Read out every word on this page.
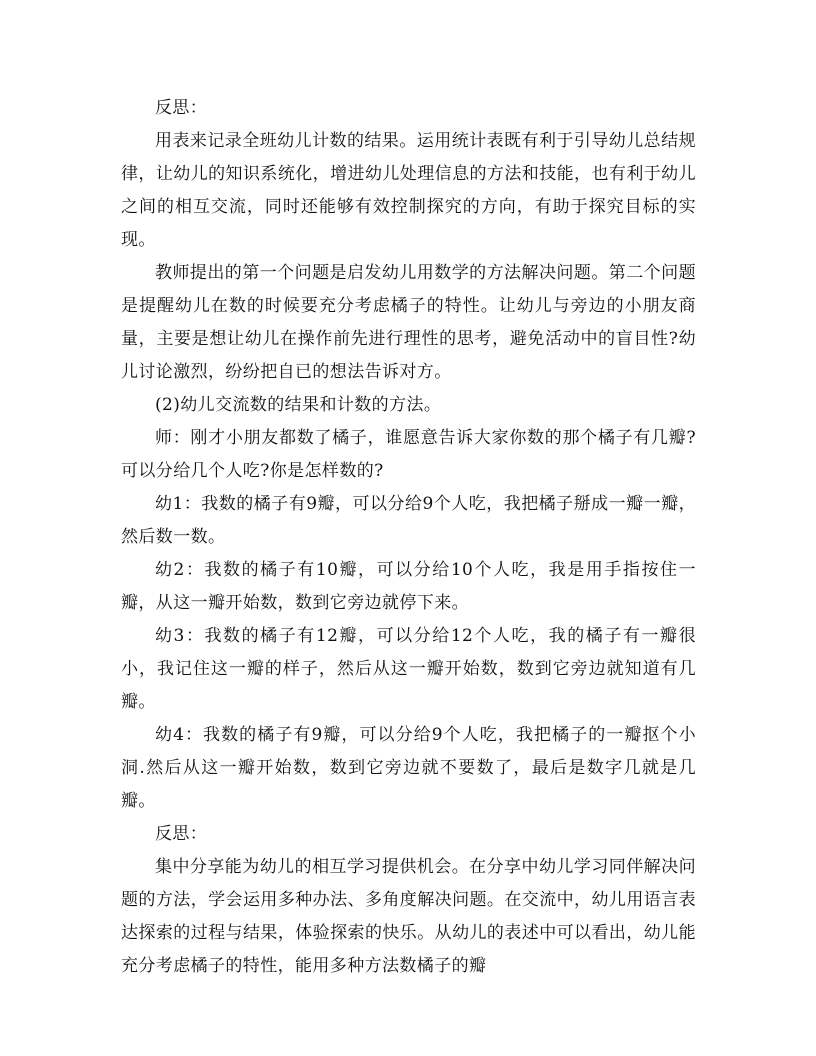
反思：

用表来记录全班幼儿计数的结果。运用统计表既有利于引导幼儿总结规律，让幼儿的知识系统化，增进幼儿处理信息的方法和技能，也有利于幼儿之间的相互交流，同时还能够有效控制探究的方向，有助于探究目标的实现。

教师提出的第一个问题是启发幼儿用数学的方法解决问题。第二个问题是提醒幼儿在数的时候要充分考虑橘子的特性。让幼儿与旁边的小朋友商量，主要是想让幼儿在操作前先进行理性的思考，避免活动中的盲目性?幼儿讨论激烈，纷纷把自已的想法告诉对方。

(2)幼儿交流数的结果和计数的方法。

师：刚才小朋友都数了橘子，谁愿意告诉大家你数的那个橘子有几瓣?可以分给几个人吃?你是怎样数的?

幼1：我数的橘子有9瓣，可以分给9个人吃，我把橘子掰成一瓣一瓣，然后数一数。

幼2：我数的橘子有10瓣，可以分给10个人吃，我是用手指按住一瓣，从这一瓣开始数，数到它旁边就停下来。

幼3：我数的橘子有12瓣，可以分给12个人吃，我的橘子有一瓣很小，我记住这一瓣的样子，然后从这一瓣开始数，数到它旁边就知道有几瓣。

幼4：我数的橘子有9瓣，可以分给9个人吃，我把橘子的一瓣抠个小洞.然后从这一瓣开始数，数到它旁边就不要数了，最后是数字几就是几瓣。

反思：

集中分享能为幼儿的相互学习提供机会。在分享中幼儿学习同伴解决问题的方法，学会运用多种办法、多角度解决问题。在交流中，幼儿用语言表达探索的过程与结果，体验探索的快乐。从幼儿的表述中可以看出，幼儿能充分考虑橘子的特性，能用多种方法数橘子的瓣
